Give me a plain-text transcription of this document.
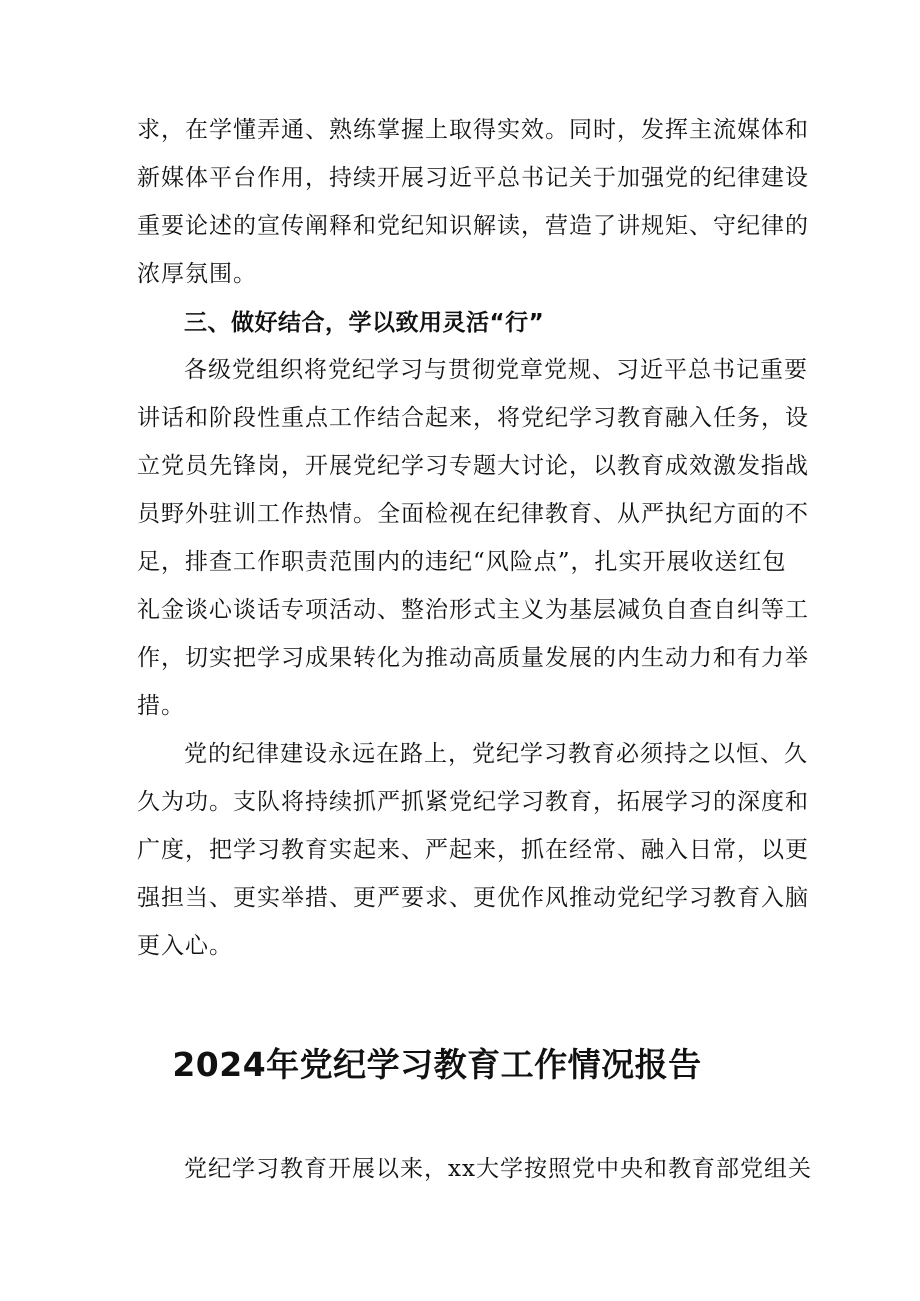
求，在学懂弄通、熟练掌握上取得实效。同时，发挥主流媒体和

新媒体平台作用，持续开展习近平总书记关于加强党的纪律建设

重要论述的宣传阐释和党纪知识解读，营造了讲规矩、守纪律的

浓厚氛围。

三、做好结合，学以致用灵活“行”

各级党组织将党纪学习与贯彻党章党规、习近平总书记重要

讲话和阶段性重点工作结合起来，将党纪学习教育融入任务，设

立党员先锋岗，开展党纪学习专题大讨论，以教育成效激发指战

员野外驻训工作热情。全面检视在纪律教育、从严执纪方面的不

足，排查工作职责范围内的违纪“风险点”，扎实开展收送红包

礼金谈心谈话专项活动、整治形式主义为基层减负自查自纠等工

作，切实把学习成果转化为推动高质量发展的内生动力和有力举

措。

党的纪律建设永远在路上，党纪学习教育必须持之以恒、久

久为功。支队将持续抓严抓紧党纪学习教育，拓展学习的深度和

广度，把学习教育实起来、严起来，抓在经常、融入日常，以更

强担当、更实举措、更严要求、更优作风推动党纪学习教育入脑

更入心。

2024年党纪学习教育工作情况报告

党纪学习教育开展以来，xx大学按照党中央和教育部党组关
